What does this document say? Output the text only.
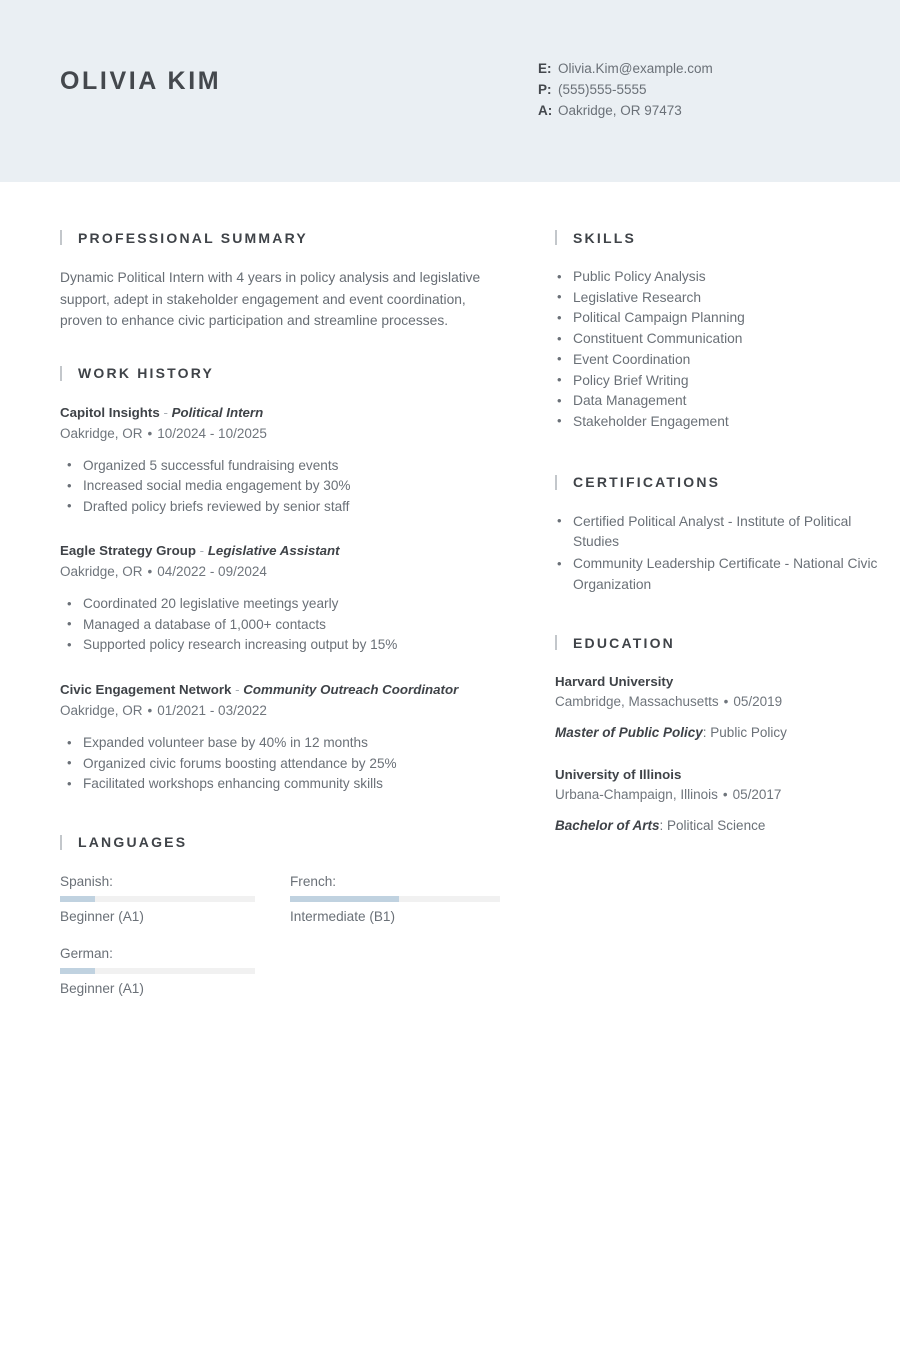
OLIVIA KIM	E: Olivia.Kim@example.com
P: (555)555-5555
A: Oakridge, OR 97473
PROFESSIONAL SUMMARY

Dynamic Political Intern with 4 years in policy analysis and legislative support, adept in stakeholder engagement and event coordination, proven to enhance civic participation and streamline processes.

WORK HISTORY
Capitol Insights - Political Intern
Oakridge, OR • 10/2024 - 10/2025
• Organized 5 successful fundraising events
• Increased social media engagement by 30%
• Drafted policy briefs reviewed by senior staff
Eagle Strategy Group - Legislative Assistant
Oakridge, OR • 04/2022 - 09/2024
• Coordinated 20 legislative meetings yearly
• Managed a database of 1,000+ contacts
• Supported policy research increasing output by 15%
Civic Engagement Network - Community Outreach Coordinator
Oakridge, OR • 01/2021 - 03/2022
• Expanded volunteer base by 40% in 12 months
• Organized civic forums boosting attendance by 25%
• Facilitated workshops enhancing community skills
LANGUAGES
Spanish:
Beginner (A1)
French:
Intermediate (B1)
German:
Beginner (A1)
SKILLS
• Public Policy Analysis
• Legislative Research
• Political Campaign Planning
• Constituent Communication
• Event Coordination
• Policy Brief Writing
• Data Management
• Stakeholder Engagement
CERTIFICATIONS
• Certified Political Analyst - Institute of Political Studies
• Community Leadership Certificate - National Civic Organization
EDUCATION
Harvard University
Cambridge, Massachusetts • 05/2019
Master of Public Policy: Public Policy
University of Illinois
Urbana-Champaign, Illinois • 05/2017
Bachelor of Arts: Political Science
